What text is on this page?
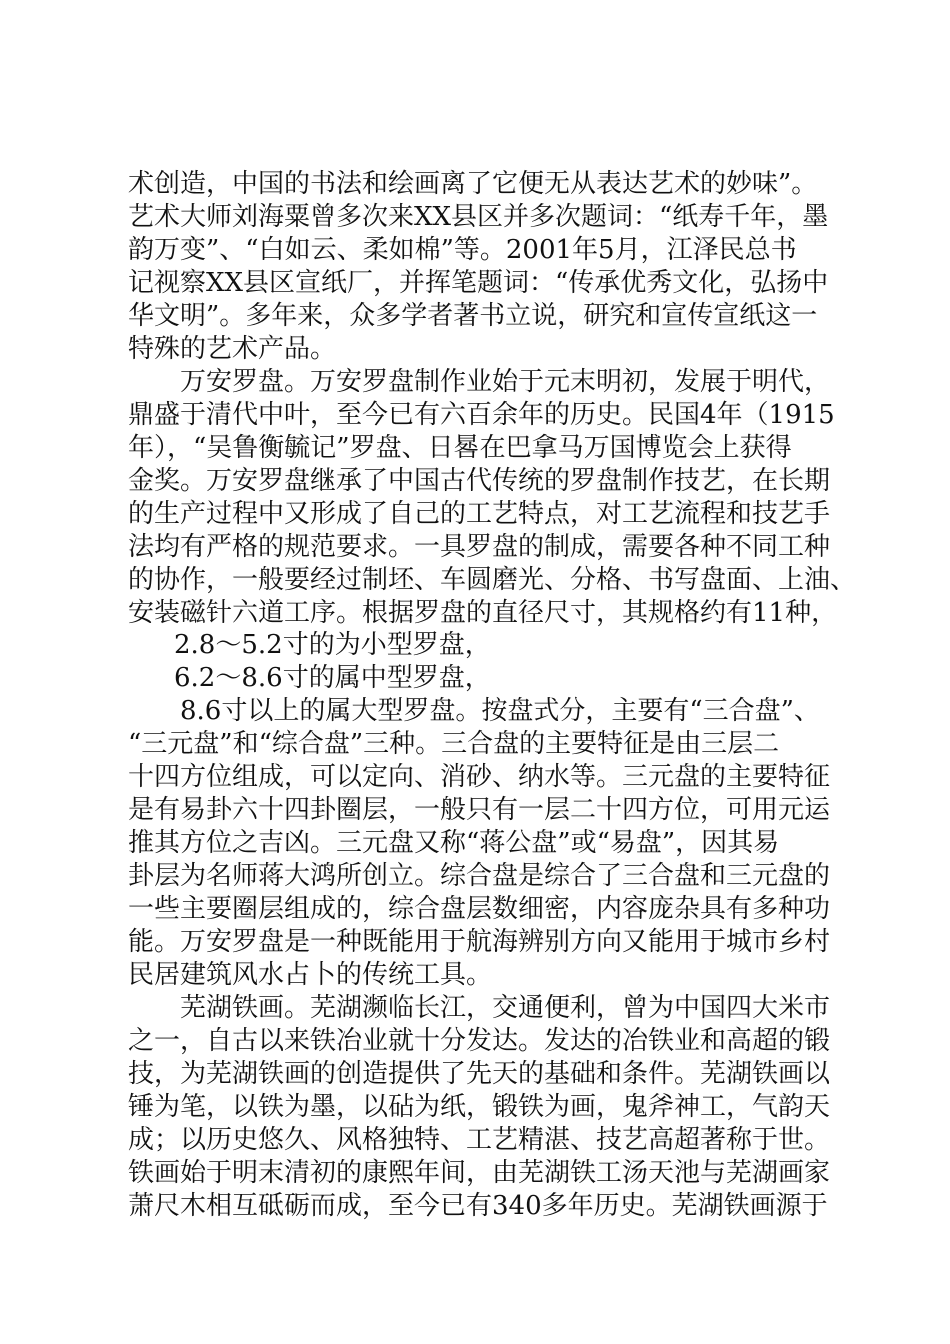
术创造，中国的书法和绘画离了它便无从表达艺术的妙味”。
艺术大师刘海粟曾多次来XX县区并多次题词：“纸寿千年，墨
韵万变”、“白如云、柔如棉”等。2001年5月，江泽民总书
记视察XX县区宣纸厂，并挥笔题词：“传承优秀文化，弘扬中
华文明”。多年来，众多学者著书立说，研究和宣传宣纸这一
特殊的艺术产品。
万安罗盘。万安罗盘制作业始于元末明初，发展于明代，
鼎盛于清代中叶，至今已有六百余年的历史。民国4年（1915
年），“吴鲁衡毓记”罗盘、日晷在巴拿马万国博览会上获得
金奖。万安罗盘继承了中国古代传统的罗盘制作技艺，在长期
的生产过程中又形成了自己的工艺特点，对工艺流程和技艺手
法均有严格的规范要求。一具罗盘的制成，需要各种不同工种
的协作，一般要经过制坯、车圆磨光、分格、书写盘面、上油、
安装磁针六道工序。根据罗盘的直径尺寸，其规格约有11种，
2.8～5.2寸的为小型罗盘，
6.2～8.6寸的属中型罗盘，
8.6寸以上的属大型罗盘。按盘式分，主要有“三合盘”、
“三元盘”和“综合盘”三种。三合盘的主要特征是由三层二
十四方位组成，可以定向、消砂、纳水等。三元盘的主要特征
是有易卦六十四卦圈层，一般只有一层二十四方位，可用元运
推其方位之吉凶。三元盘又称“蒋公盘”或“易盘”，因其易
卦层为名师蒋大鸿所创立。综合盘是综合了三合盘和三元盘的
一些主要圈层组成的，综合盘层数细密，内容庞杂具有多种功
能。万安罗盘是一种既能用于航海辨别方向又能用于城市乡村
民居建筑风水占卜的传统工具。
芜湖铁画。芜湖濒临长江，交通便利，曾为中国四大米市
之一，自古以来铁冶业就十分发达。发达的冶铁业和高超的锻
技，为芜湖铁画的创造提供了先天的基础和条件。芜湖铁画以
锤为笔，以铁为墨，以砧为纸，锻铁为画，鬼斧神工，气韵天
成；以历史悠久、风格独特、工艺精湛、技艺高超著称于世。
铁画始于明末清初的康熙年间，由芜湖铁工汤天池与芜湖画家
萧尺木相互砥砺而成，至今已有340多年历史。芜湖铁画源于
